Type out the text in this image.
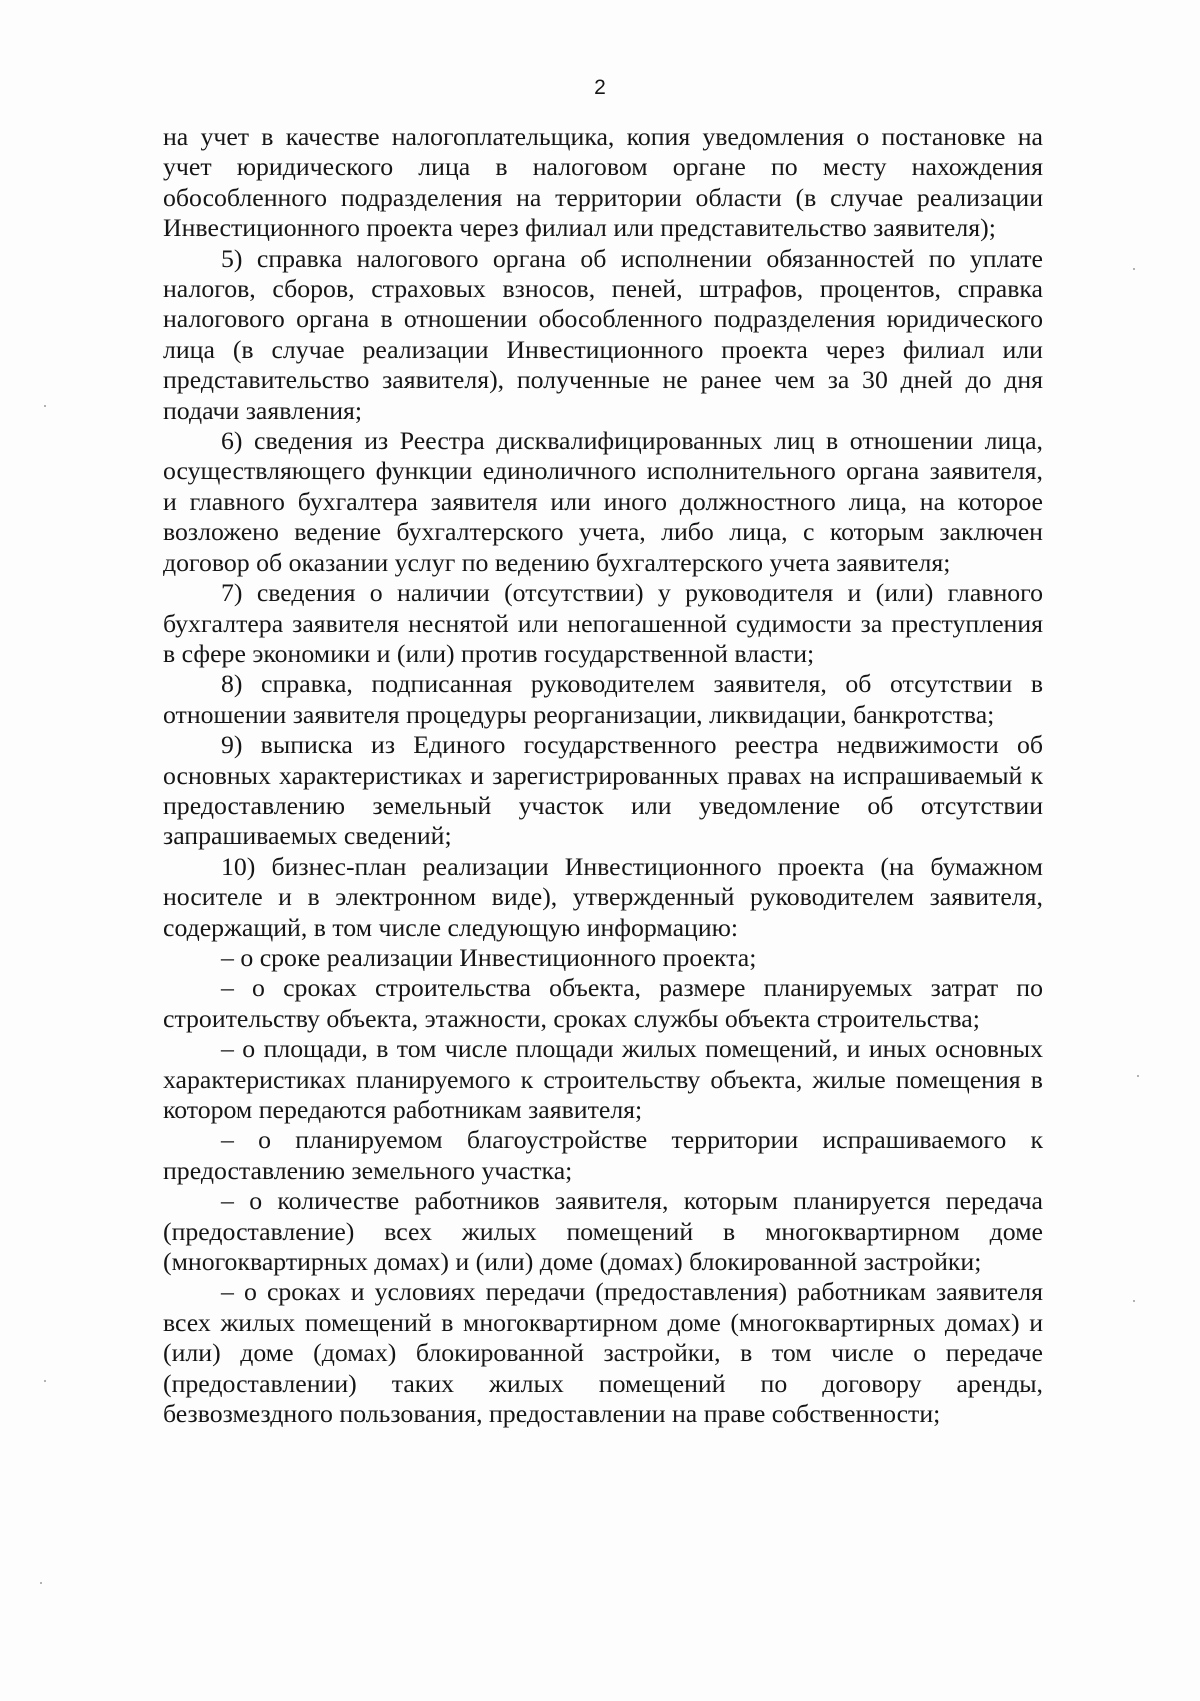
2

на учет в качестве налогоплательщика, копия уведомления о постановке на учет юридического лица в налоговом органе по месту нахождения обособленного подразделения на территории области (в случае реализации Инвестиционного проекта через филиал или представительство заявителя);

5) справка налогового органа об исполнении обязанностей по уплате налогов, сборов, страховых взносов, пеней, штрафов, процентов, справка налогового органа в отношении обособленного подразделения юридического лица (в случае реализации Инвестиционного проекта через филиал или представительство заявителя), полученные не ранее чем за 30 дней до дня подачи заявления;

6) сведения из Реестра дисквалифицированных лиц в отношении лица, осуществляющего функции единоличного исполнительного органа заявителя, и главного бухгалтера заявителя или иного должностного лица, на которое возложено ведение бухгалтерского учета, либо лица, с которым заключен договор об оказании услуг по ведению бухгалтерского учета заявителя;

7) сведения о наличии (отсутствии) у руководителя и (или) главного бухгалтера заявителя неснятой или непогашенной судимости за преступления в сфере экономики и (или) против государственной власти;

8) справка, подписанная руководителем заявителя, об отсутствии в отношении заявителя процедуры реорганизации, ликвидации, банкротства;

9) выписка из Единого государственного реестра недвижимости об основных характеристиках и зарегистрированных правах на испрашиваемый к предоставлению земельный участок или уведомление об отсутствии запрашиваемых сведений;

10) бизнес-план реализации Инвестиционного проекта (на бумажном носителе и в электронном виде), утвержденный руководителем заявителя, содержащий, в том числе следующую информацию:

– о сроке реализации Инвестиционного проекта;

– о сроках строительства объекта, размере планируемых затрат по строительству объекта, этажности, сроках службы объекта строительства;

– о площади, в том числе площади жилых помещений, и иных основных характеристиках планируемого к строительству объекта, жилые помещения в котором передаются работникам заявителя;

– о планируемом благоустройстве территории испрашиваемого к предоставлению земельного участка;

– о количестве работников заявителя, которым планируется передача (предоставление) всех жилых помещений в многоквартирном доме (многоквартирных домах) и (или) доме (домах) блокированной застройки;

– о сроках и условиях передачи (предоставления) работникам заявителя всех жилых помещений в многоквартирном доме (многоквартирных домах) и (или) доме (домах) блокированной застройки, в том числе о передаче (предоставлении) таких жилых помещений по договору аренды, безвозмездного пользования, предоставлении на праве собственности;
